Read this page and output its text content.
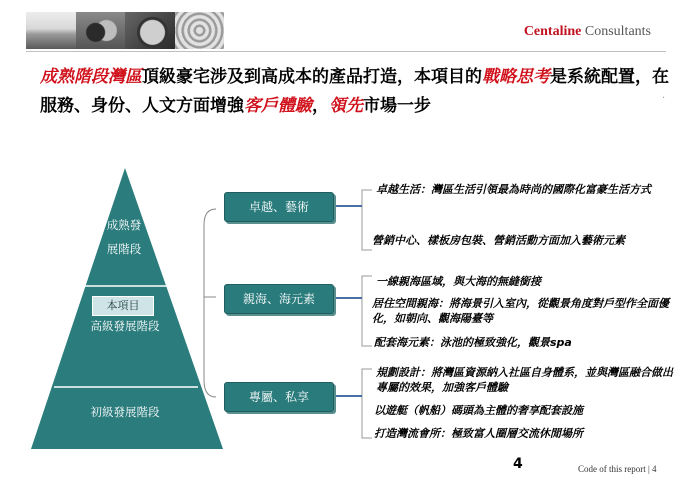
Centaline Consultants
成熟階段灣區頂級豪宅涉及到高成本的產品打造，本項目的戰略思考是系統配置，在服務、身份、人文方面增強客戶體驗，領先市場一步
.
成熟發
展階段
本項目
高級發展階段
初級發展階段
卓越、藝術
親海、海元素
專屬、私享
卓越生活：灣區生活引領最為時尚的國際化富豪生活方式
營銷中心、樣板房包裝、營銷活動方面加入藝術元素
一線親海區域，與大海的無縫銜接
居住空間親海：將海景引入室內，從觀景角度對戶型作全面優化，如朝向、觀海陽臺等
配套海元素：泳池的極致強化，觀景spa
規劃設計：將灣區資源納入社區自身體系，並與灣區融合做出專屬的效果，加強客戶體驗
以遊艇（帆船）碼頭為主體的奢享配套設施
打造灣流會所：極致富人圈層交流休閒場所
4	Code of this report | 4
